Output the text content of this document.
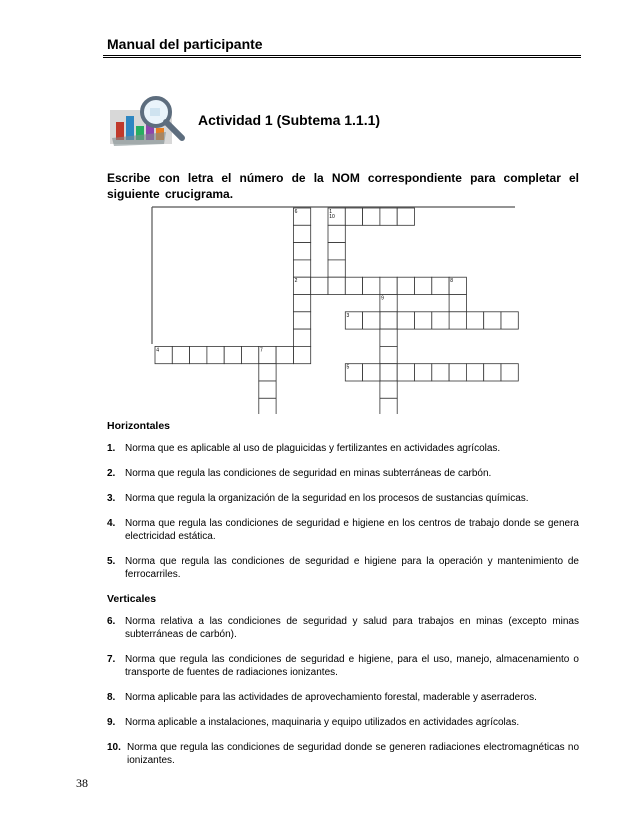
Manual del participante
Actividad 1 (Subtema 1.1.1)
Escribe con letra el número de la NOM correspondiente para completar el siguiente crucigrama.
1
2
3
4
5
6
7
8
9
10
Horizontales
1. Norma que es aplicable al uso de plaguicidas y fertilizantes en actividades agrícolas.
2. Norma que regula las condiciones de seguridad en minas subterráneas de carbón.
3. Norma que regula la organización de la seguridad en los procesos de sustancias químicas.
4. Norma que regula las condiciones de seguridad e higiene en los centros de trabajo donde se genera electricidad estática.
5. Norma que regula las condiciones de seguridad e higiene para la operación y mantenimiento de ferrocarriles.
Verticales
6. Norma relativa a las condiciones de seguridad y salud para trabajos en minas (excepto minas subterráneas de carbón).
7. Norma que regula las condiciones de seguridad e higiene, para el uso, manejo, almacenamiento o transporte de fuentes de radiaciones ionizantes.
8. Norma aplicable para las actividades de aprovechamiento forestal, maderable y aserraderos.
9. Norma aplicable a instalaciones, maquinaria y equipo utilizados en actividades agrícolas.
10. Norma que regula las condiciones de seguridad donde se generen radiaciones electromagnéticas no ionizantes.
38
